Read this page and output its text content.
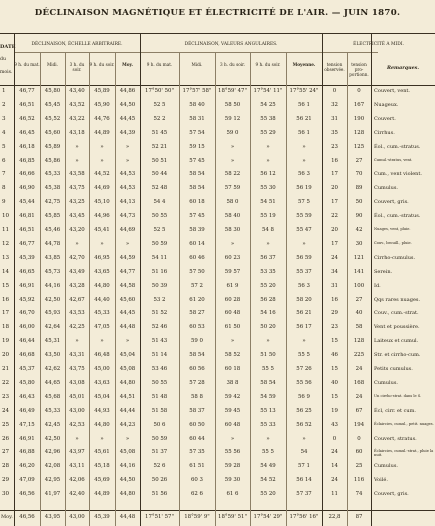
DÉCLINAISON MAGNÉTIQUE ET ÉLECTRICITÉ DE L'AIR. — JUIN 1870.
DATE
du
mois.
DÉCLINAISON, ÉCHELLE ARBITRAIRE.	DÉCLINAISON, VALEURS ANGULAIRES.	ÉLECTRICITÉ A MIDI.
9 h. du mat.	Midi.	3 h. du soir.
9 h. du soir.	Moy.	9 h. du mat.	Midi.	3 h. du soir.	9 h. du soir.	Moyenne.	tension observée.
tension pro-portionn.
Remarques.
1	46,77	45,80	43,40	45,89	44,86	17°50' 50"	17°57' 58"	18°59' 47"	17°54' 11"	17°55' 24"	0	0	Couvert, vent.
2	46,51	45,45	43,52	45,90	44,50	52 5	58 40	58 50	54 25	56 1	32	167	Nuageux.
3	46,52	45,52	43,22	44,76	44,45	52 2	58 31	59 12	55 38	56 21	31	190	Couvert.
4	46,45	45,60	43,18	44,89	44,39	51 45	57 54	59 0	55 29	56 1	35	128	Cirrhus.
5	46,18	45,89	»	»	»	52 21	59 15	»	»	»	23	125	Éol., cum.-stratus.
6	46,85	45,86	»	»	»	50 51	57 45	»	»	»	16	27	Cumul.-stratus, vent.
7	46,66	45,33	43,58	44,52	44,53	50 44	58 54	58 22	56 12	56 3	17	70	Cum., vent violent.
8	46,90	45,38	43,75	44,69	44,53	52 48	58 54	57 59	55 30	56 19	20	89	Cumulus.
9	45,44	42,75	43,25	45,10	44,13	54 4	60 18	58 0	54 51	57 5	17	50	Couvert, gris.
10	46,81	45,85	43,45	44,96	44,73	50 55	57 45	58 40	55 19	55 59	22	90	Éol., cum.-stratus.
11	46,51	45,46	43,20	45,41	44,69	52 5	58 39	58 30	54 8	55 47	20	42	Nuages, vent, pluie.
12	46,77	44,78	»	»	»	50 59	60 14	»	»	»	17	30	Couv., brouill., pluie.
13	45,39	43,85	42,70	46,95	44,59	54 11	60 46	60 23	56 37	56 59	24	121	Cirrho-cumulus.
14	46,65	45,73	43,49	43,65	44,77	51 16	57 50	59 57	53 35	55 37	34	141	Serein.
15	46,91	44,16	43,28	44,80	44,58	50 39	57 2	61 9	55 20	56 3	31	100	Id.
16	45,92	42,50	42,67	44,40	45,60	53 2	61 20	60 28	56 28	58 20	16	27	Qqs rares nuages.
17	46,70	45,93	43,53	45,33	44,45	51 52	58 27	60 48	54 16	56 21	29	40	Couv., cum.-strat.
18	46,00	42,64	42,25	47,05	44,48	52 46	60 53	61 50	50 20	56 17	23	58	Vent et poussière.
19	46,44	45,31	»	»	»	51 43	59 0	»	»	»	15	128	Laiteux et cumul.
20	46,68	43,50	43,31	46,48	45,04	51 14	58 54	58 52	51 50	55 5	46	225	Str. et cirrho-cum.
21	45,37	42,62	43,75	45,00	45,08	53 46	60 56	60 18	55 5	57 26	15	24	Petits cumulus.
22	45,80	44,65	43,08	43,63	44,80	50 55	57 28	38 8	58 54	55 56	40	168	Cumulus.
23	46,43	45,68	45,01	45,04	44,51	51 48	58 8	59 42	54 59	56 9	15	24	Un cirrho-strat. dans le S.
24	46,49	45,33	43,00	44,93	44,44	51 58	58 37	59 45	55 13	56 25	19	67	Écl, cirr. et cum.
25	47,15	42,45	42,53	44,80	44,23	50 6	60 50	60 48	55 33	56 52	43	194	Éclaircies, cumul., petit. nuages.
26	46,91	42,50	»	»	»	50 59	60 44	»	»	»	0	0	Couvert, stratus.
27	46,88	42,96	43,97	45,61	45,08	51 37	57 35	55 56	55 5	54	24	60	Éclaircies, cumul.-strat., pluie la nuit.
28	46,20	42,08	43,11	45,18	44,16	52 6	61 51	59 28	54 49	57 1	14	25	Cumulus.
29	47,09	42,95	42,06	45,69	44,50	50 26	60 3	59 30	54 52	56 14	24	116	Voilé.
30	46,56	41,97	42,40	44,89	44,80	51 56	62 6	61 6	55 20	57 37	11	74	Couvert, gris.
Moy.	46,56	43,95	43,00	45,39	44,48	17°51' 57"	18°59' 9"	18°59' 51"	17°54' 29"	17°56' 16"	22,8	87
